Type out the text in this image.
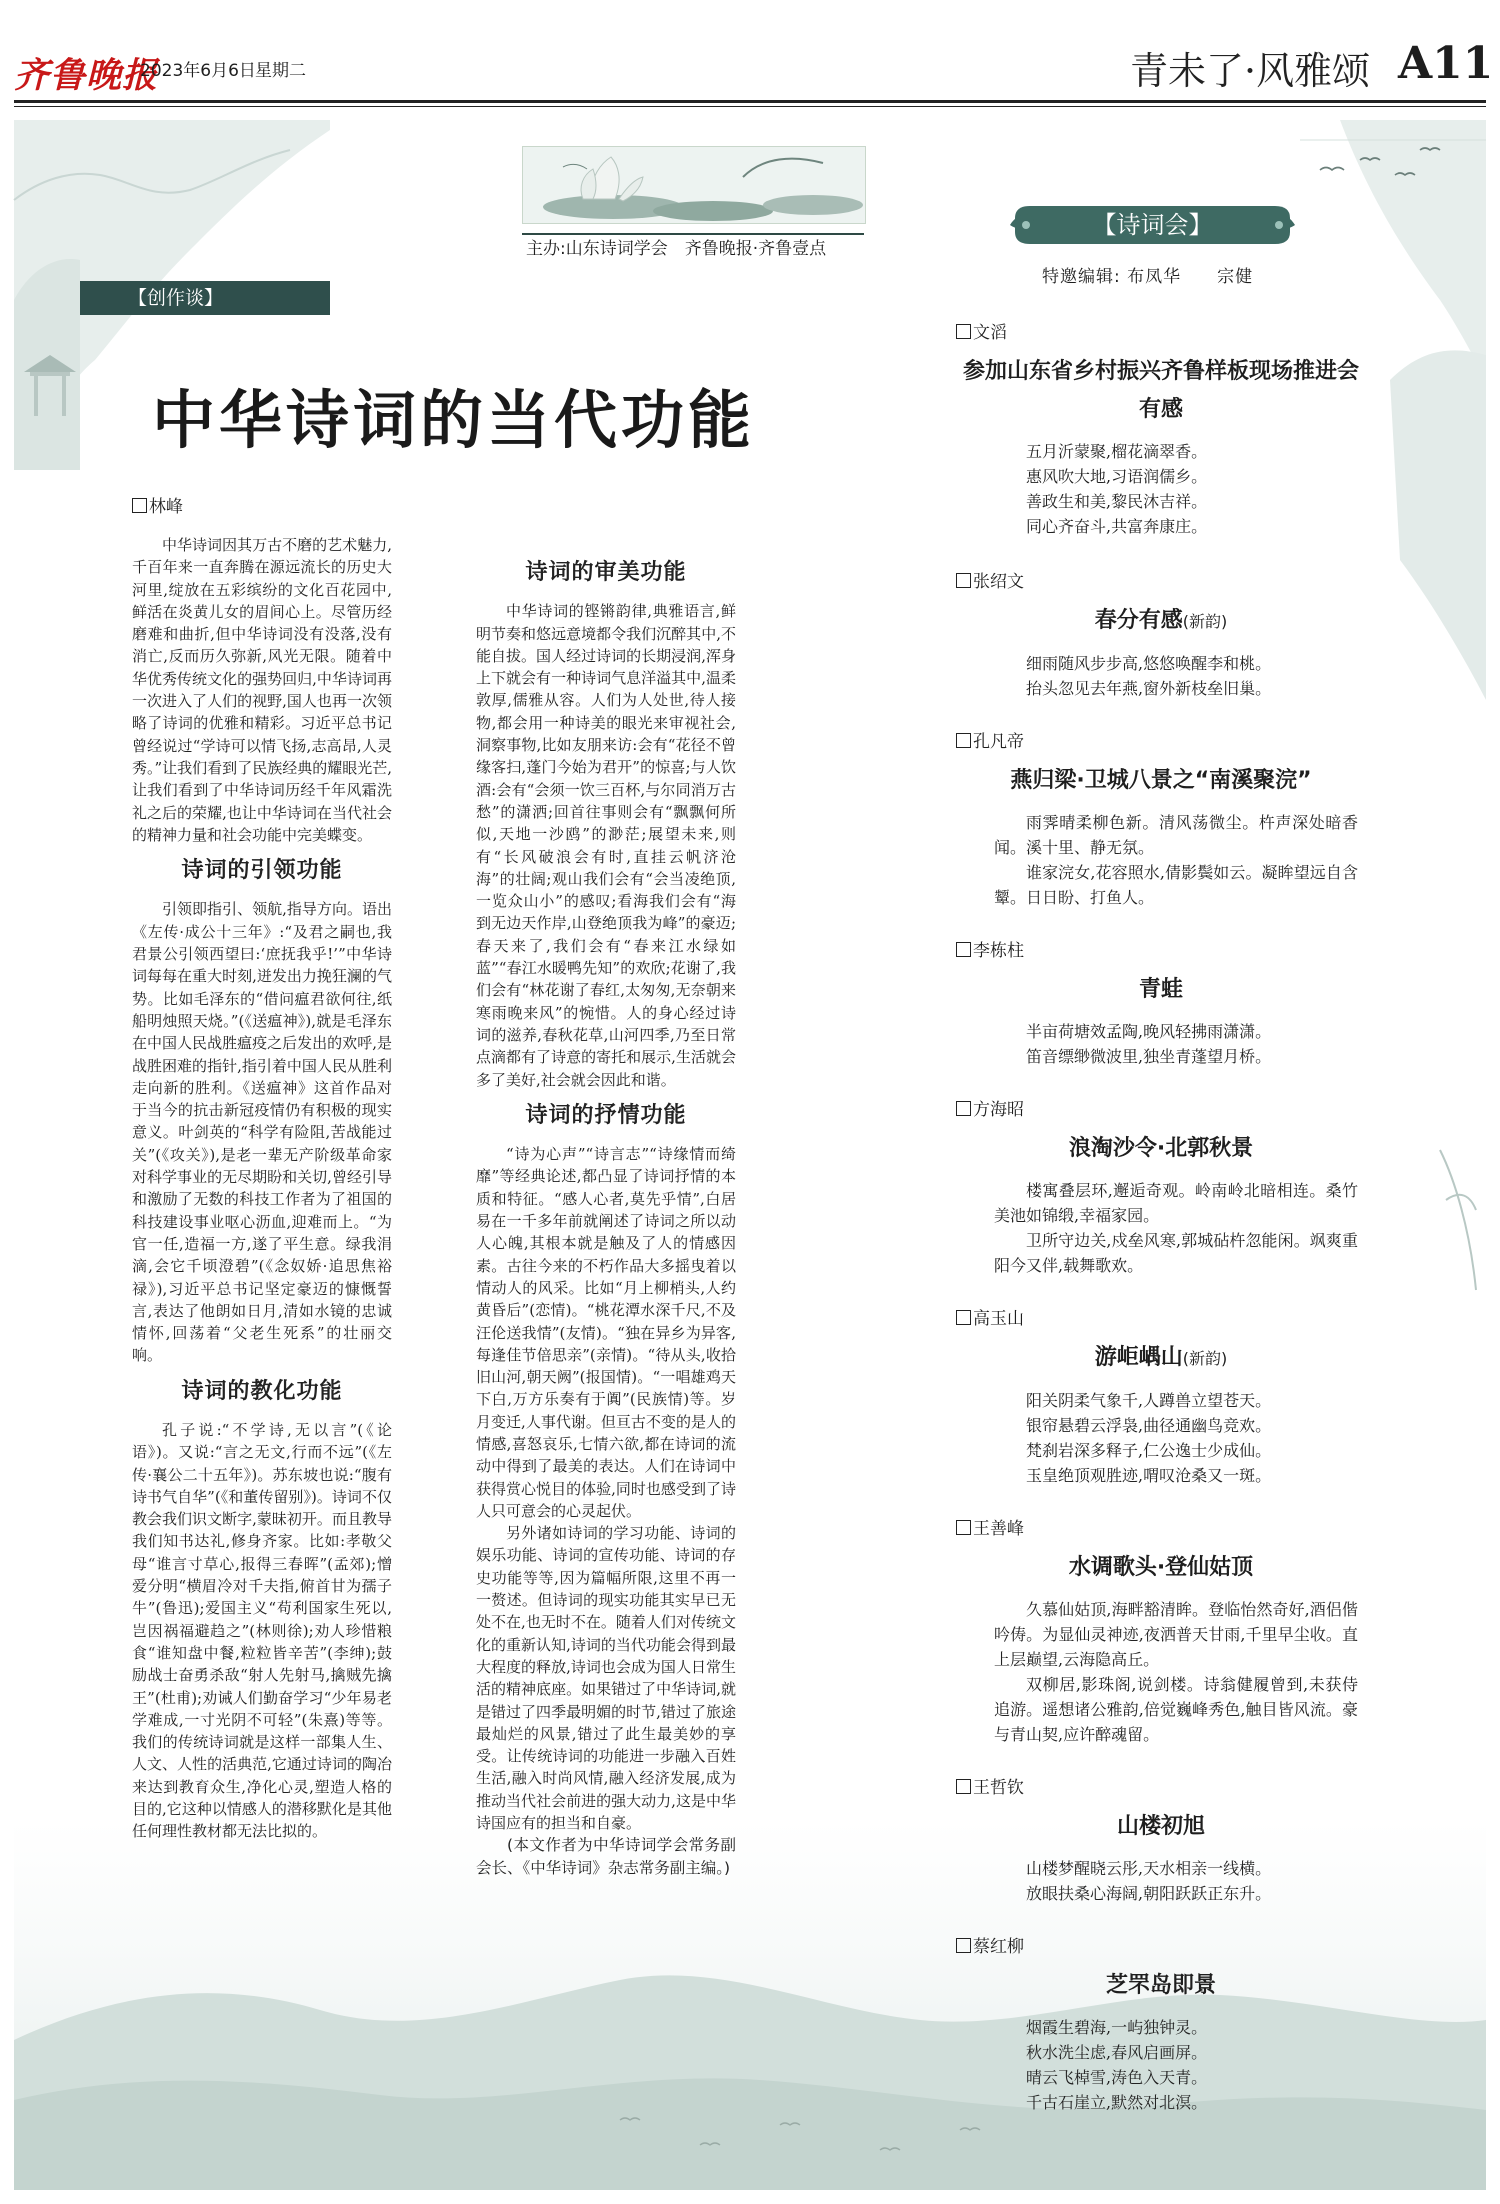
齐鲁晚报
2023年6月6日 星期二	青未了·风雅颂 A11
主办:山东诗词学会　齐鲁晚报·齐鲁壹点
【创作谈】
【诗词会】
特邀编辑: 布凤华　　宗健
中华诗词的当代功能
林峰

中华诗词因其万古不磨的艺术魅力,千百年来一直奔腾在源远流长的历史大河里,绽放在五彩缤纷的文化百花园中,鲜活在炎黄儿女的眉间心上。尽管历经磨难和曲折,但中华诗词没有没落,没有消亡,反而历久弥新,风光无限。随着中华优秀传统文化的强势回归,中华诗词再一次进入了人们的视野,国人也再一次领略了诗词的优雅和精彩。习近平总书记曾经说过“学诗可以情飞扬,志高昂,人灵秀。”让我们看到了民族经典的耀眼光芒,让我们看到了中华诗词历经千年风霜洗礼之后的荣耀,也让中华诗词在当代社会的精神力量和社会功能中完美蝶变。

诗词的引领功能

引领即指引、领航,指导方向。语出《左传·成公十三年》:“及君之嗣也,我君景公引领西望曰:‘庶抚我乎!’”中华诗词每每在重大时刻,迸发出力挽狂澜的气势。比如毛泽东的“借问瘟君欲何往,纸船明烛照天烧。”(《送瘟神》),就是毛泽东在中国人民战胜瘟疫之后发出的欢呼,是战胜困难的指针,指引着中国人民从胜利走向新的胜利。《送瘟神》这首作品对于当今的抗击新冠疫情仍有积极的现实意义。叶剑英的“科学有险阻,苦战能过关”(《攻关》),是老一辈无产阶级革命家对科学事业的无尽期盼和关切,曾经引导和激励了无数的科技工作者为了祖国的科技建设事业呕心沥血,迎难而上。“为官一任,造福一方,遂了平生意。绿我涓滴,会它千顷澄碧”(《念奴娇·追思焦裕禄》),习近平总书记坚定豪迈的慷慨誓言,表达了他朗如日月,清如水镜的忠诚情怀,回荡着“父老生死系”的壮丽交响。

诗词的教化功能

孔子说:“不学诗,无以言”(《论语》)。又说:“言之无文,行而不远”(《左传·襄公二十五年》)。苏东坡也说:“腹有诗书气自华”(《和董传留别》)。诗词不仅教会我们识文断字,蒙昧初开。而且教导我们知书达礼,修身齐家。比如:孝敬父母“谁言寸草心,报得三春晖”(孟郊);憎爱分明“横眉冷对千夫指,俯首甘为孺子牛”(鲁迅);爱国主义“苟利国家生死以,岂因祸福避趋之”(林则徐);劝人珍惜粮食“谁知盘中餐,粒粒皆辛苦”(李绅);鼓励战士奋勇杀敌“射人先射马,擒贼先擒王”(杜甫);劝诫人们勤奋学习“少年易老学难成,一寸光阴不可轻”(朱熹)等等。我们的传统诗词就是这样一部集人生、人文、人性的活典范,它通过诗词的陶冶来达到教育众生,净化心灵,塑造人格的目的,它这种以情感人的潜移默化是其他任何理性教材都无法比拟的。

诗词的审美功能

中华诗词的铿锵韵律,典雅语言,鲜明节奏和悠远意境都令我们沉醉其中,不能自拔。国人经过诗词的长期浸润,浑身上下就会有一种诗词气息洋溢其中,温柔敦厚,儒雅从容。人们为人处世,待人接物,都会用一种诗美的眼光来审视社会,洞察事物,比如友朋来访:会有“花径不曾缘客扫,蓬门今始为君开”的惊喜;与人饮酒:会有“会须一饮三百杯,与尔同消万古愁”的潇洒;回首往事则会有“飘飘何所似,天地一沙鸥”的渺茫;展望未来,则有“长风破浪会有时,直挂云帆济沧海”的壮阔;观山我们会有“会当凌绝顶,一览众山小”的感叹;看海我们会有“海到无边天作岸,山登绝顶我为峰”的豪迈;春天来了,我们会有“春来江水绿如蓝”“春江水暖鸭先知”的欢欣;花谢了,我们会有“林花谢了春红,太匆匆,无奈朝来寒雨晚来风”的惋惜。人的身心经过诗词的滋养,春秋花草,山河四季,乃至日常点滴都有了诗意的寄托和展示,生活就会多了美好,社会就会因此和谐。

诗词的抒情功能

“诗为心声”“诗言志”“诗缘情而绮靡”等经典论述,都凸显了诗词抒情的本质和特征。“感人心者,莫先乎情”,白居易在一千多年前就阐述了诗词之所以动人心魄,其根本就是触及了人的情感因素。古往今来的不朽作品大多摇曳着以情动人的风采。比如“月上柳梢头,人约黄昏后”(恋情)。“桃花潭水深千尺,不及汪伦送我情”(友情)。“独在异乡为异客,每逢佳节倍思亲”(亲情)。“待从头,收拾旧山河,朝天阙”(报国情)。“一唱雄鸡天下白,万方乐奏有于阗”(民族情)等。岁月变迁,人事代谢。但亘古不变的是人的情感,喜怒哀乐,七情六欲,都在诗词的流动中得到了最美的表达。人们在诗词中获得赏心悦目的体验,同时也感受到了诗人只可意会的心灵起伏。

另外诸如诗词的学习功能、诗词的娱乐功能、诗词的宣传功能、诗词的存史功能等等,因为篇幅所限,这里不再一一赘述。但诗词的现实功能其实早已无处不在,也无时不在。随着人们对传统文化的重新认知,诗词的当代功能会得到最大程度的释放,诗词也会成为国人日常生活的精神底座。如果错过了中华诗词,就是错过了四季最明媚的时节,错过了旅途最灿烂的风景,错过了此生最美妙的享受。让传统诗词的功能进一步融入百姓生活,融入时尚风情,融入经济发展,成为推动当代社会前进的强大动力,这是中华诗国应有的担当和自豪。

(本文作者为中华诗词学会常务副会长、《中华诗词》杂志常务副主编。)

文滔
参加山东省乡村振兴齐鲁样板现场推进会有感
五月沂蒙聚,榴花滴翠香。
惠风吹大地,习语润儒乡。
善政生和美,黎民沐吉祥。
同心齐奋斗,共富奔康庄。
张绍文
春分有感(新韵)
细雨随风步步高,悠悠唤醒李和桃。
抬头忽见去年燕,窗外新枝垒旧巢。
孔凡帝
燕归梁·卫城八景之“南溪聚浣”
雨霁晴柔柳色新。清风荡微尘。杵声深处暗香闻。溪十里、静无氛。
谁家浣女,花容照水,倩影鬓如云。凝眸望远自含颦。日日盼、打鱼人。
李栋柱
青蛙
半亩荷塘效孟陶,晚风轻拂雨潇潇。
笛音缥缈微波里,独坐青蓬望月桥。
方海昭
浪淘沙令·北郭秋景
楼寓叠层环,邂逅奇观。岭南岭北暗相连。桑竹美池如锦缎,幸福家园。
卫所守边关,戍垒风寒,郭城砧杵忽能闲。飒爽重阳今又伴,载舞歌欢。
高玉山
游岠嵎山(新韵)
阳关阴柔气象千,人蹲兽立望苍天。
银帘悬碧云浮袅,曲径通幽鸟竞欢。
梵刹岩深多释子,仁公逸士少成仙。
玉皇绝顶观胜迹,喟叹沧桑又一斑。
王善峰
水调歌头·登仙姑顶
久慕仙姑顶,海畔豁清眸。登临怡然奇好,酒侣偕吟俦。为显仙灵神迹,夜洒普天甘雨,千里早尘收。直上层巅望,云海隐高丘。
双柳居,影珠阁,说剑楼。诗翁健履曾到,未获侍追游。遥想诸公雅韵,倍觉巍峰秀色,触目皆风流。豪与青山契,应许醉魂留。
王哲钦
山楼初旭
山楼梦醒晓云彤,天水相亲一线横。
放眼扶桑心海阔,朝阳跃跃正东升。
蔡红柳
芝罘岛即景
烟霞生碧海,一屿独钟灵。
秋水洗尘虑,春风启画屏。
晴云飞棹雪,涛色入天青。
千古石崖立,默然对北溟。
